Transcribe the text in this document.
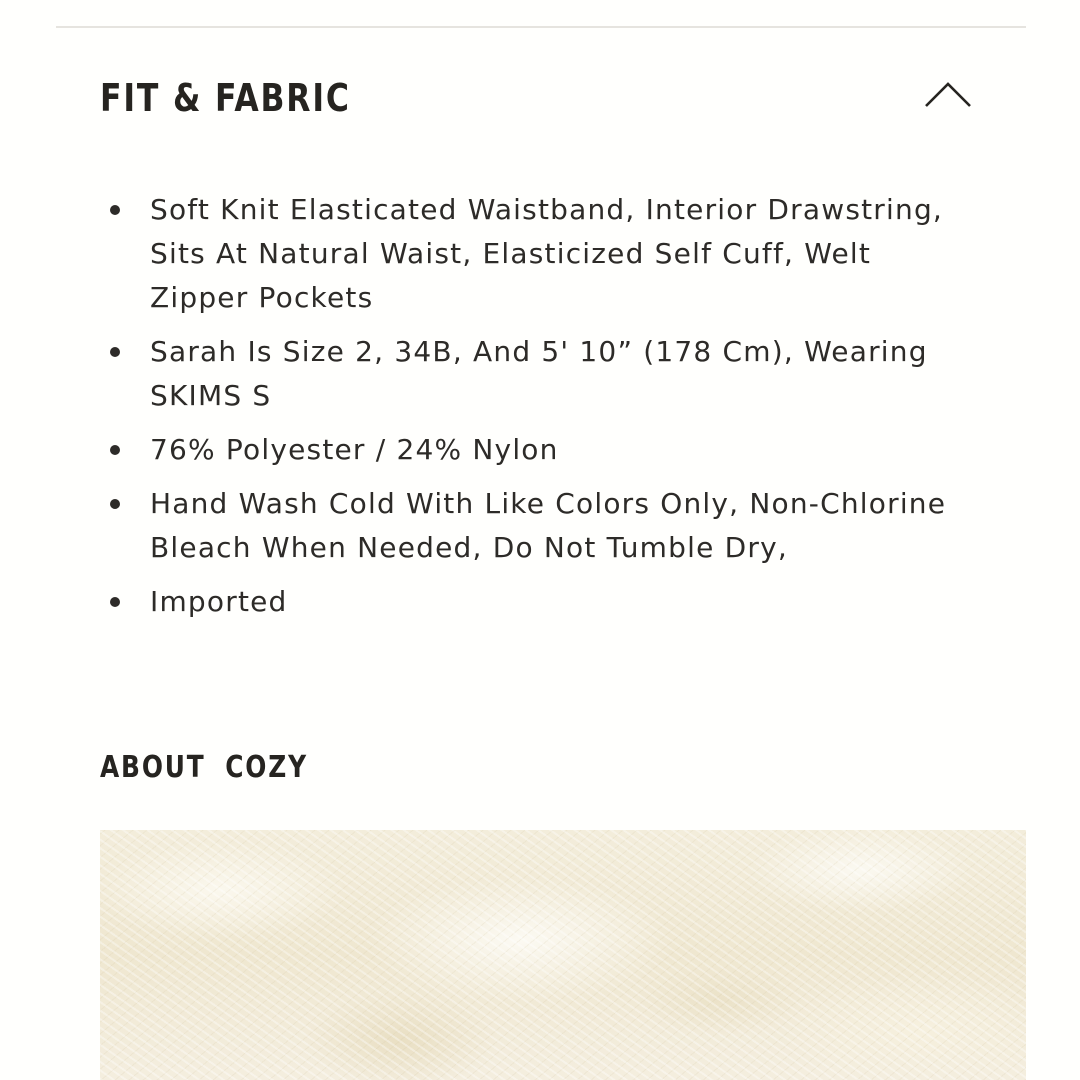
FIT & FABRIC
Soft Knit Elasticated Waistband, Interior Drawstring,
Sits At Natural Waist, Elasticized Self Cuff, Welt
Zipper Pockets
Sarah Is Size 2, 34B, And 5' 10” (178 Cm), Wearing
SKIMS S
76% Polyester / 24% Nylon
Hand Wash Cold With Like Colors Only, Non-Chlorine
Bleach When Needed, Do Not Tumble Dry,
Imported
ABOUT COZY
